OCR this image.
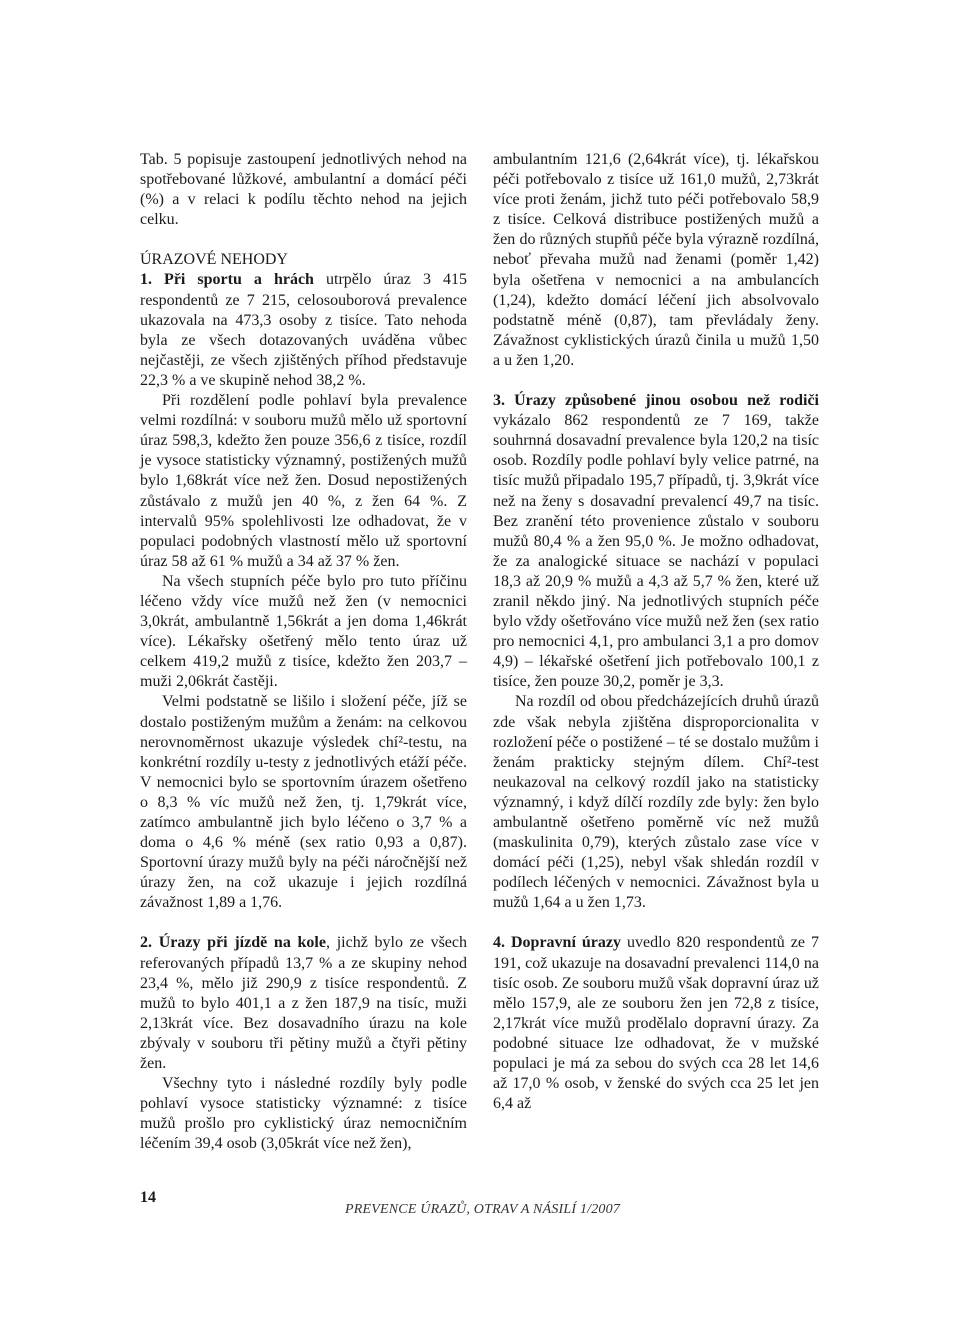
Tab. 5 popisuje zastoupení jednotlivých nehod na spotřebované lůžkové, ambulantní a domácí péči (%) a v relaci k podílu těchto nehod na jejich celku.

ÚRAZOVÉ NEHODY

1. Při sportu a hrách utrpělo úraz 3 415 respondentů ze 7 215, celosouborová prevalence ukazovala na 473,3 osoby z tisíce. Tato nehoda byla ze všech dotazovaných uváděna vůbec nejčastěji, ze všech zjištěných příhod představuje 22,3 % a ve skupině nehod 38,2 %.

Při rozdělení podle pohlaví byla prevalence velmi rozdílná: v souboru mužů mělo už sportovní úraz 598,3, kdežto žen pouze 356,6 z tisíce, rozdíl je vysoce statisticky významný, postižených mužů bylo 1,68krát více než žen. Dosud nepostižených zůstávalo z mužů jen 40 %, z žen 64 %. Z intervalů 95% spolehlivosti lze odhadovat, že v populaci podobných vlastností mělo už sportovní úraz 58 až 61 % mužů a 34 až 37 % žen.

Na všech stupních péče bylo pro tuto příčinu léčeno vždy více mužů než žen (v nemocnici 3,0krát, ambulantně 1,56krát a jen doma 1,46krát více). Lékařsky ošetřený mělo tento úraz už celkem 419,2 mužů z tisíce, kdežto žen 203,7 – muži 2,06krát častěji.

Velmi podstatně se lišilo i složení péče, jíž se dostalo postiženým mužům a ženám: na celkovou nerovnoměrnost ukazuje výsledek chí²-testu, na konkrétní rozdíly u-testy z jednotlivých etáží péče. V nemocnici bylo se sportovním úrazem ošetřeno o 8,3 % víc mužů než žen, tj. 1,79krát více, zatímco ambulantně jich bylo léčeno o 3,7 % a doma o 4,6 % méně (sex ratio 0,93 a 0,87). Sportovní úrazy mužů byly na péči náročnější než úrazy žen, na což ukazuje i jejich rozdílná závažnost 1,89 a 1,76.

2. Úrazy při jízdě na kole, jichž bylo ze všech referovaných případů 13,7 % a ze skupiny nehod 23,4 %, mělo již 290,9 z tisíce respondentů. Z mužů to bylo 401,1 a z žen 187,9 na tisíc, muži 2,13krát více. Bez dosavadního úrazu na kole zbývaly v souboru tři pětiny mužů a čtyři pětiny žen.

Všechny tyto i následné rozdíly byly podle pohlaví vysoce statisticky významné: z tisíce mužů prošlo pro cyklistický úraz nemocničním léčením 39,4 osob (3,05krát více než žen),

ambulantním 121,6 (2,64krát více), tj. lékařskou péči potřebovalo z tisíce už 161,0 mužů, 2,73krát více proti ženám, jichž tuto péči potřebovalo 58,9 z tisíce. Celková distribuce postižených mužů a žen do různých stupňů péče byla výrazně rozdílná, neboť převaha mužů nad ženami (poměr 1,42) byla ošetřena v nemocnici a na ambulancích (1,24), kdežto domácí léčení jich absolvovalo podstatně méně (0,87), tam převládaly ženy. Závažnost cyklistických úrazů činila u mužů 1,50 a u žen 1,20.

3. Úrazy způsobené jinou osobou než rodiči vykázalo 862 respondentů ze 7 169, takže souhrnná dosavadní prevalence byla 120,2 na tisíc osob. Rozdíly podle pohlaví byly velice patrné, na tisíc mužů připadalo 195,7 případů, tj. 3,9krát více než na ženy s dosavadní prevalencí 49,7 na tisíc. Bez zranění této provenience zůstalo v souboru mužů 80,4 % a žen 95,0 %. Je možno odhadovat, že za analogické situace se nachází v populaci 18,3 až 20,9 % mužů a 4,3 až 5,7 % žen, které už zranil někdo jiný. Na jednotlivých stupních péče bylo vždy ošetřováno více mužů než žen (sex ratio pro nemocnici 4,1, pro ambulanci 3,1 a pro domov 4,9) – lékařské ošetření jich potřebovalo 100,1 z tisíce, žen pouze 30,2, poměr je 3,3.

Na rozdíl od obou předcházejících druhů úrazů zde však nebyla zjištěna disproporcionalita v rozložení péče o postižené – té se dostalo mužům i ženám prakticky stejným dílem. Chí²-test neukazoval na celkový rozdíl jako na statisticky významný, i když dílčí rozdíly zde byly: žen bylo ambulantně ošetřeno poměrně víc než mužů (maskulinita 0,79), kterých zůstalo zase více v domácí péči (1,25), nebyl však shledán rozdíl v podílech léčených v nemocnici. Závažnost byla u mužů 1,64 a u žen 1,73.

4. Dopravní úrazy uvedlo 820 respondentů ze 7 191, což ukazuje na dosavadní prevalenci 114,0 na tisíc osob. Ze souboru mužů však dopravní úraz už mělo 157,9, ale ze souboru žen jen 72,8 z tisíce, 2,17krát více mužů prodělalo dopravní úrazy. Za podobné situace lze odhadovat, že v mužské populaci je má za sebou do svých cca 28 let 14,6 až 17,0 % osob, v ženské do svých cca 25 let jen 6,4 až

14
PREVENCE ÚRAZŮ, OTRAV A NÁSILÍ 1/2007
